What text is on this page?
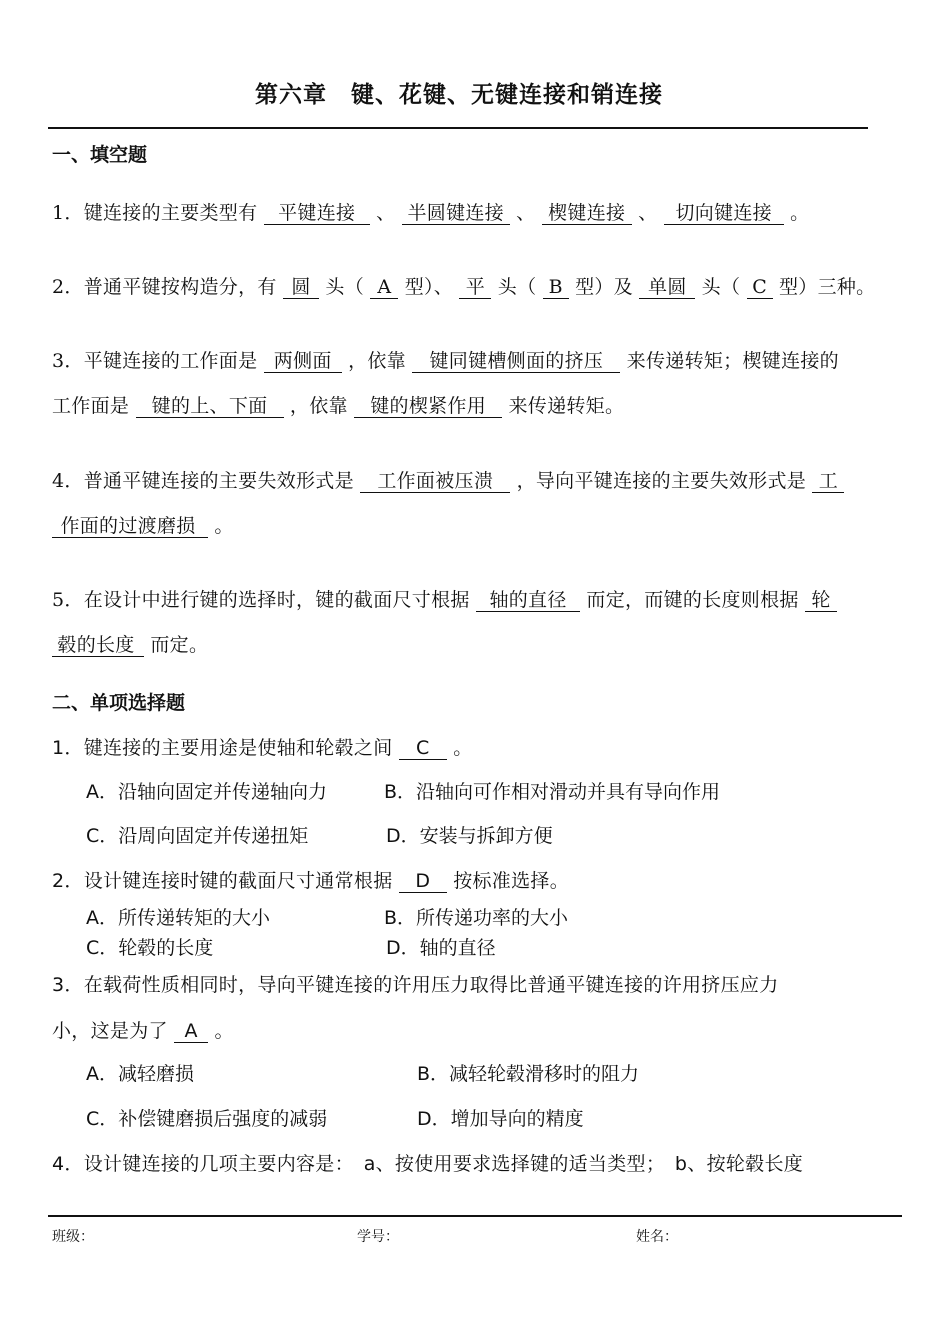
第六章　键、花键、无键连接和销连接
一、填空题
1．键连接的主要类型有 平键连接 、 半圆键连接 、 楔键连接 、 切向键连接 。
2．普通平键按构造分，有 圆 头（ A 型）、 平 头（ B 型）及 单圆 头（ C 型）三种。
3．平键连接的工作面是 两侧面 ，依靠 键同键槽侧面的挤压 来传递转矩；楔键连接的
工作面是 键的上、下面 ，依靠 键的楔紧作用 来传递转矩。
4．普通平键连接的主要失效形式是 工作面被压溃 ，导向平键连接的主要失效形式是 工
作面的过渡磨损 。
5．在设计中进行键的选择时，键的截面尺寸根据 轴的直径 而定，而键的长度则根据 轮
毂的长度 而定。
二、单项选择题
1．键连接的主要用途是使轴和轮毂之间 C 。
A．沿轴向固定并传递轴向力	B．沿轴向可作相对滑动并具有导向作用
C．沿周向固定并传递扭矩	D．安装与拆卸方便
2．设计键连接时键的截面尺寸通常根据 D 按标准选择。
A．所传递转矩的大小	B．所传递功率的大小
C．轮毂的长度	D．轴的直径
3．在载荷性质相同时，导向平键连接的许用压力取得比普通平键连接的许用挤压应力
小，这是为了 A 。
A．减轻磨损	B．减轻轮毂滑移时的阻力
C．补偿键磨损后强度的减弱	D．增加导向的精度
4．设计键连接的几项主要内容是：　a、按使用要求选择键的适当类型；　b、按轮毂长度
班级：	学号：	姓名：
